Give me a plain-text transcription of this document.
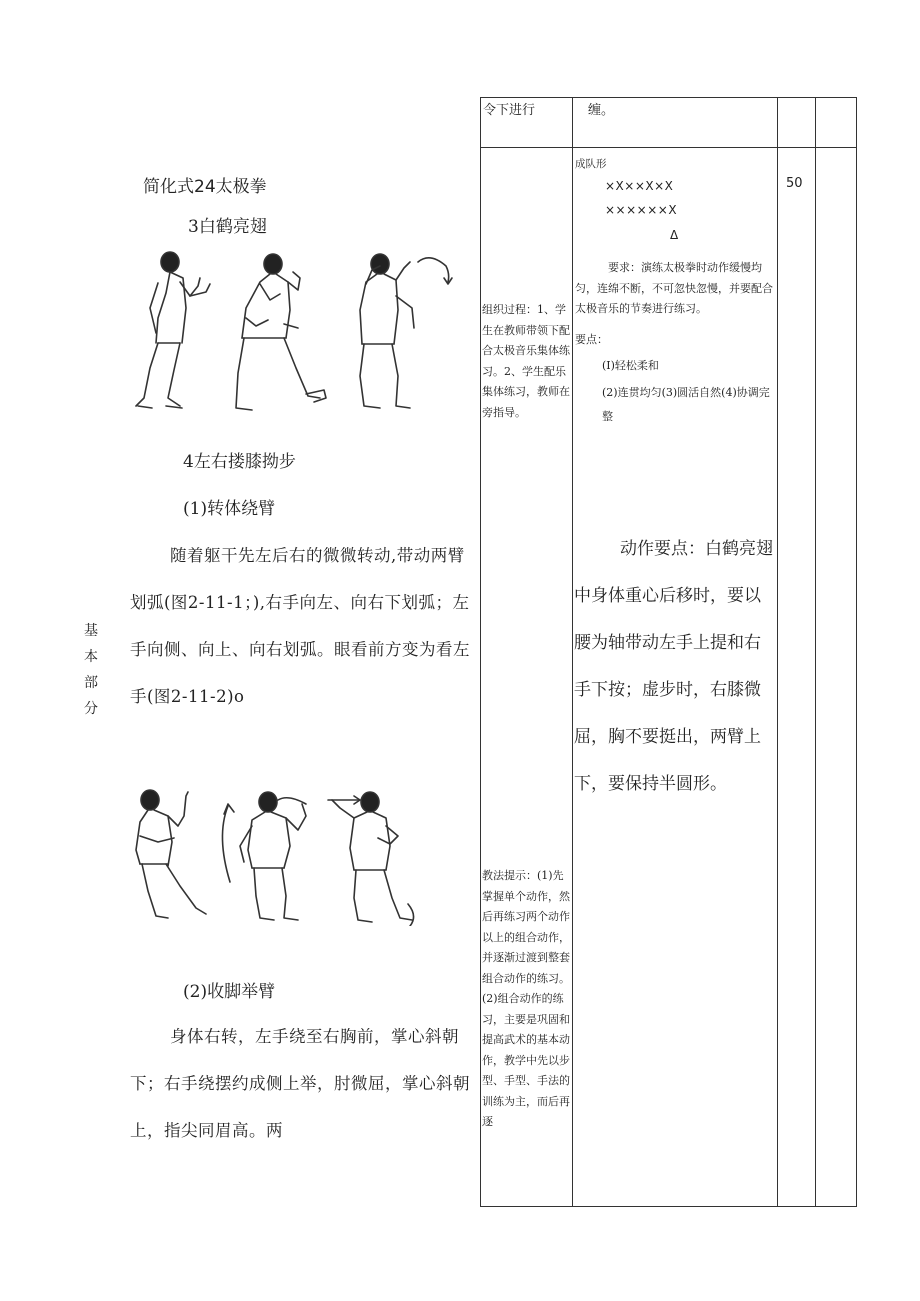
令下进行	缠。
基
本
部
分
简化式24太极拳
3白鹤亮翅
4左右搂膝拗步
(1)转体绕臂
随着躯干先左后右的微微转动,带动两臂划弧(图2-11-1；),右手向左、向右下划弧；左手向侧、向上、向右划弧。眼看前方变为看左手(图2-11-2)o
(2)收脚举臂
身体右转，左手绕至右胸前，掌心斜朝下；右手绕摆约成侧上举，肘微屈，掌心斜朝上，指尖同眉高。两
组织过程：1、学生在教师带领下配合太极音乐集体练习。2、学生配乐集体练习，教师在旁指导。
教法提示：(1)先掌握单个动作，然后再练习两个动作以上的组合动作，并逐渐过渡到整套组合动作的练习。(2)组合动作的练习，主要是巩固和提高武术的基本动作，教学中先以步型、手型、手法的训练为主，而后再逐
成队形
×X××X×X
××××××X
Δ
要求：演练太极拳时动作缓慢均匀，连绵不断，不可忽快忽慢，并要配合太极音乐的节奏进行练习。
要点：
(I)轻松柔和
(2)连贯均匀(3)圆活自然(4)协调完整
50
动作要点：白鹤亮翅中身体重心后移时，要以腰为轴带动左手上提和右手下按；虚步时，右膝微屈，胸不要挺出，两臂上下，要保持半圆形。
